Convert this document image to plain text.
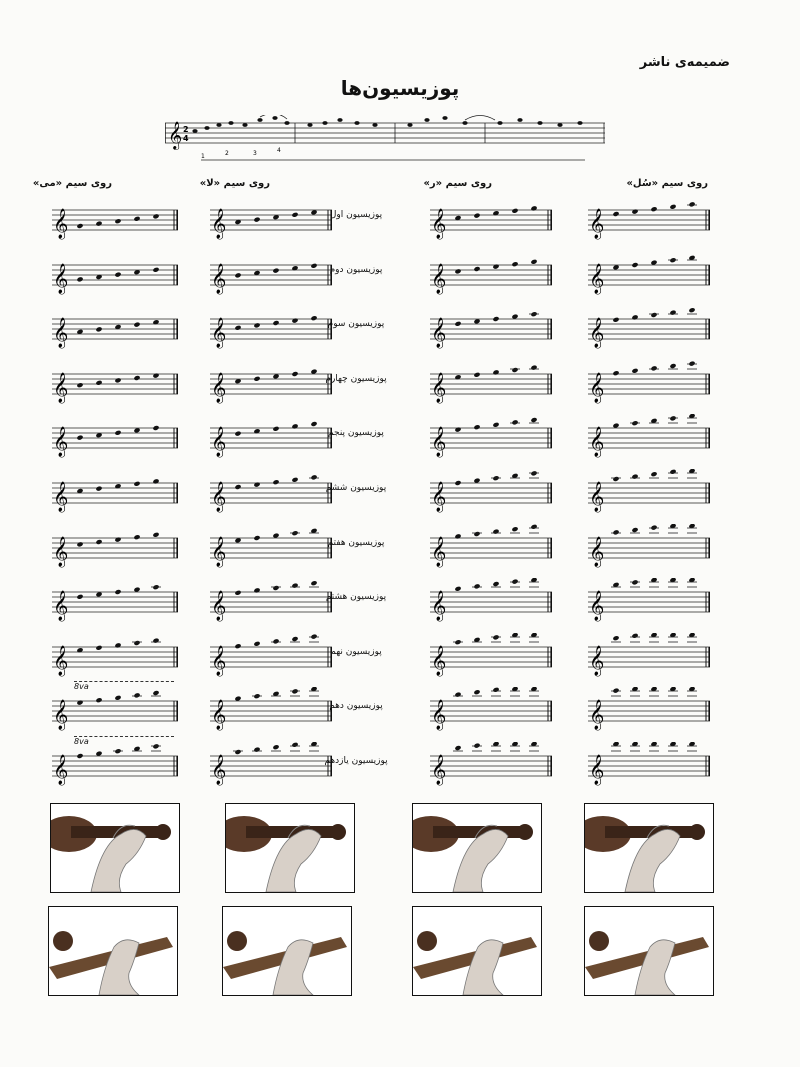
ضمیمه‌ی ناشر
پوزیسیون‌ها
𝄞 2
4
1	2	3	4
روی سیم «می»	روی سیم «لا»	روی سیم «ر»	روی سیم «سُل»
𝄞	𝄞	𝄞	𝄞
پوزیسیون اول
𝄞	𝄞	𝄞	𝄞
پوزیسیون دوم
𝄞	𝄞	𝄞	𝄞
پوزیسیون سوم
𝄞	𝄞	𝄞	𝄞
پوزیسیون چهارم
𝄞	𝄞	𝄞	𝄞
پوزیسیون پنجم
𝄞	𝄞	𝄞	𝄞
پوزیسیون ششم
𝄞	𝄞	𝄞	𝄞
پوزیسیون هفتم
𝄞	𝄞	𝄞	𝄞
پوزیسیون هشتم
𝄞	𝄞	𝄞	𝄞
پوزیسیون نهم
𝄞	𝄞	𝄞	𝄞
پوزیسیون دهم
𝄞	𝄞	𝄞	𝄞
پوزیسیون یازدهم
8va
8va
